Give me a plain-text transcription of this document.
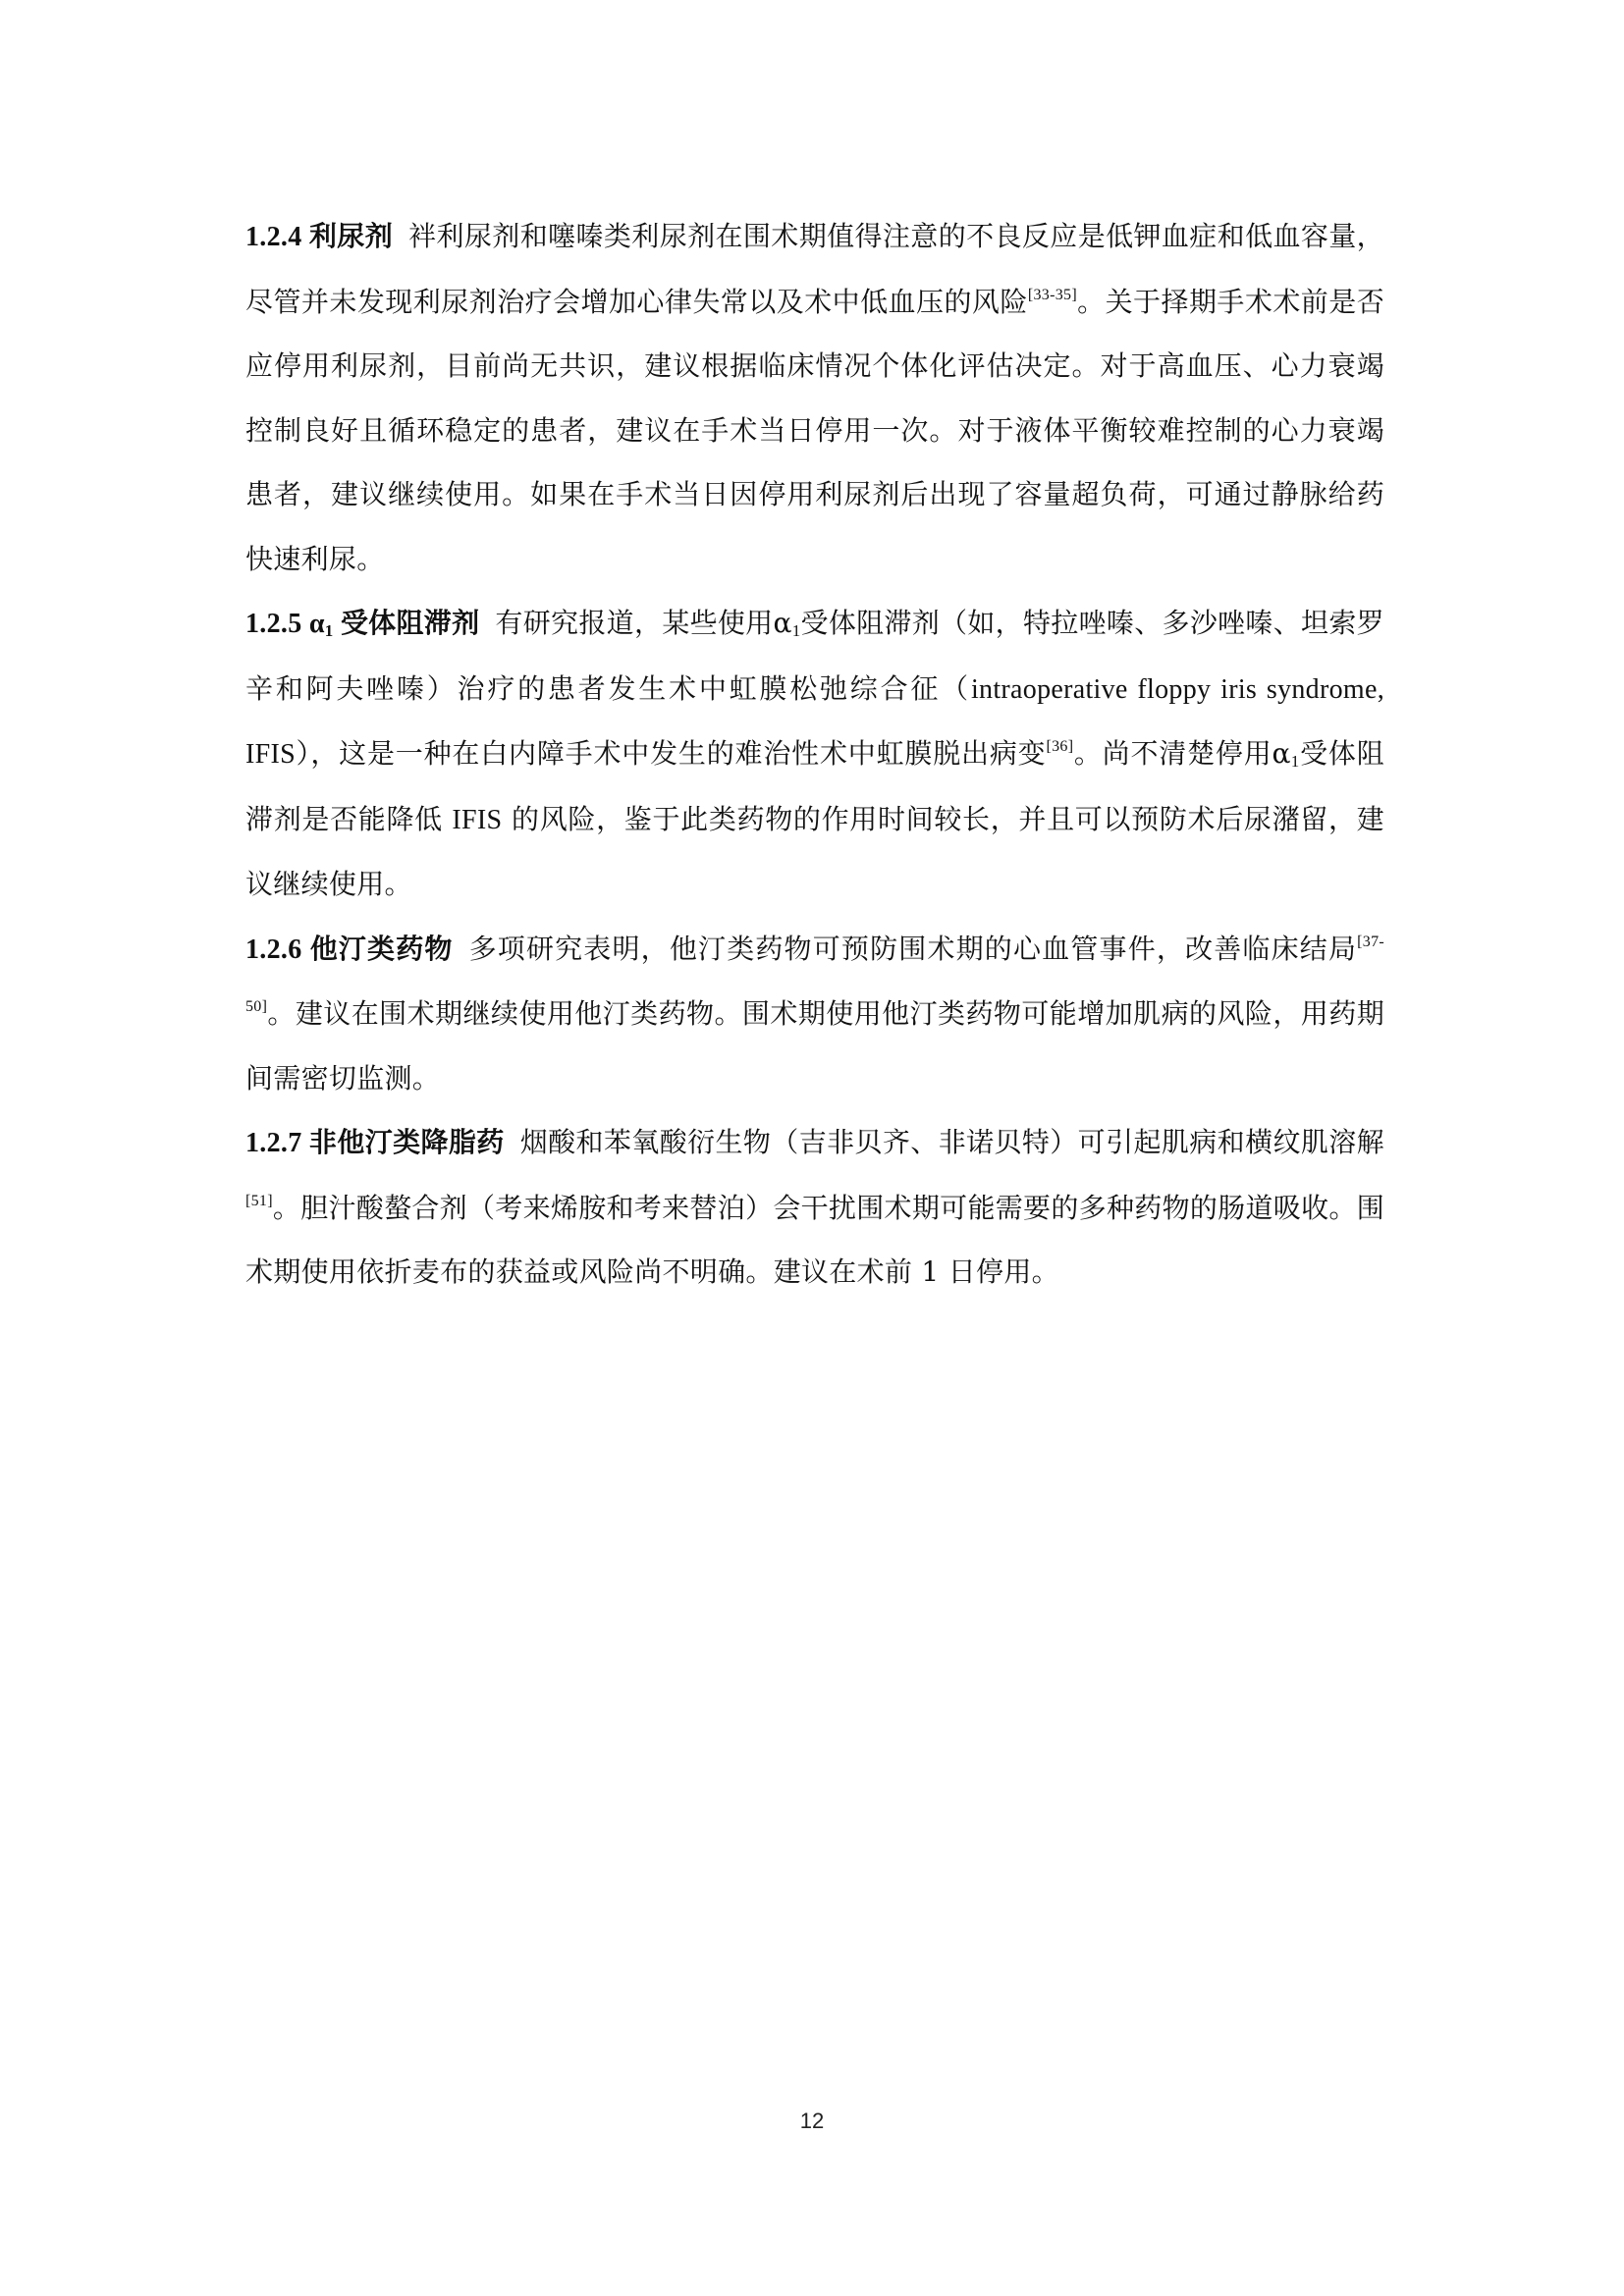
1.2.4 利尿剂 袢利尿剂和噻嗪类利尿剂在围术期值得注意的不良反应是低钾血症和低血容量，尽管并未发现利尿剂治疗会增加心律失常以及术中低血压的风险[33-35]。关于择期手术术前是否应停用利尿剂，目前尚无共识，建议根据临床情况个体化评估决定。对于高血压、心力衰竭控制良好且循环稳定的患者，建议在手术当日停用一次。对于液体平衡较难控制的心力衰竭患者，建议继续使用。如果在手术当日因停用利尿剂后出现了容量超负荷，可通过静脉给药快速利尿。

1.2.5 $\alpha_1$ 受体阻滞剂 有研究报道，某些使用$\alpha_1$受体阻滞剂（如，特拉唑嗪、多沙唑嗪、坦索罗辛和阿夫唑嗪）治疗的患者发生术中虹膜松弛综合征（intraoperative floppy iris syndrome, IFIS），这是一种在白内障手术中发生的难治性术中虹膜脱出病变[36]。尚不清楚停用$\alpha_1$受体阻滞剂是否能降低 IFIS 的风险，鉴于此类药物的作用时间较长，并且可以预防术后尿潴留，建议继续使用。

1.2.6 他汀类药物 多项研究表明，他汀类药物可预防围术期的心血管事件，改善临床结局[37-50]。建议在围术期继续使用他汀类药物。围术期使用他汀类药物可能增加肌病的风险，用药期间需密切监测。

1.2.7 非他汀类降脂药 烟酸和苯氧酸衍生物（吉非贝齐、非诺贝特）可引起肌病和横纹肌溶解[51]。胆汁酸螯合剂（考来烯胺和考来替泊）会干扰围术期可能需要的多种药物的肠道吸收。围术期使用依折麦布的获益或风险尚不明确。建议在术前 1 日停用。

12
